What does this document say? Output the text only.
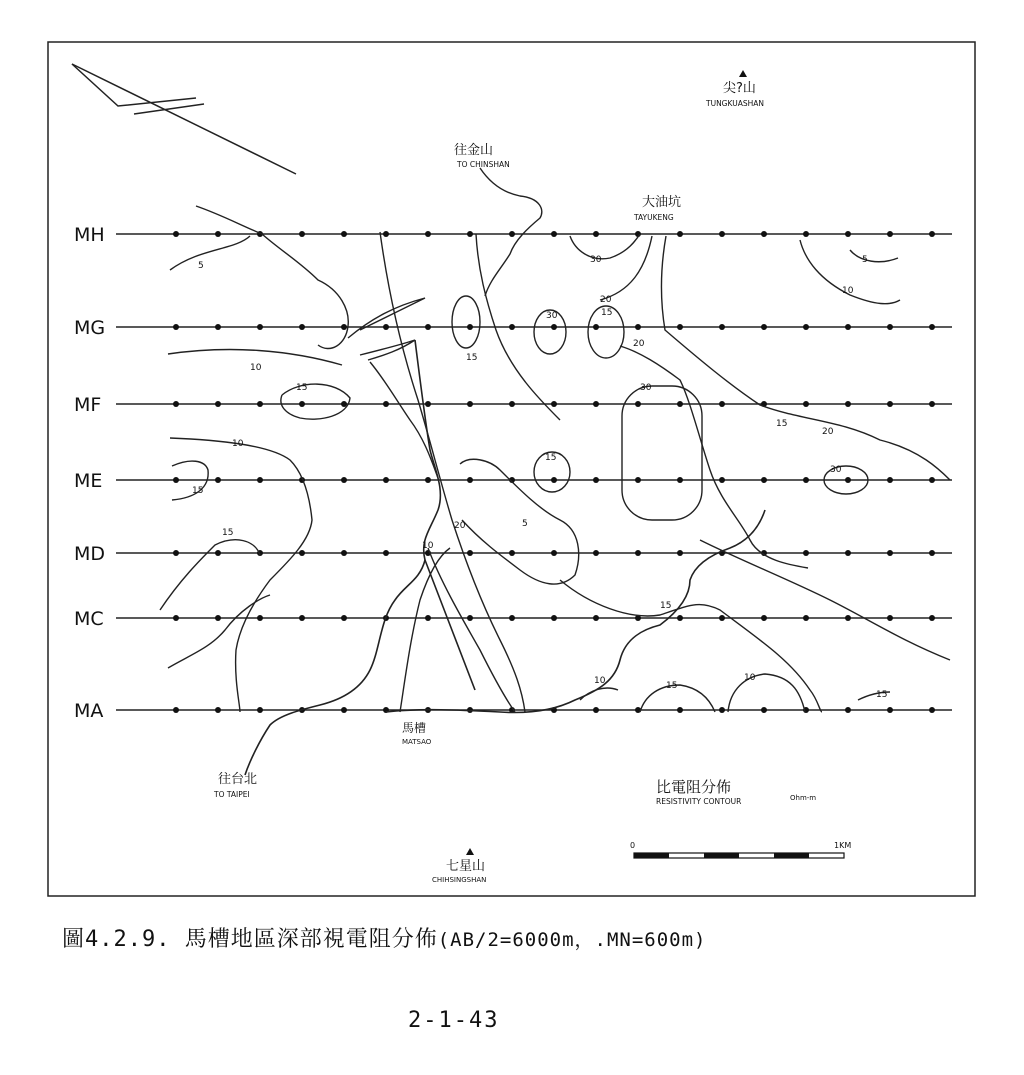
MH
MG
MF
ME
MD
MC
MA
5
30	5
10
30	15
20
15
10
15
20
15
30
15
20
10
30
15
5
20
15
10
15
10	15
10
15
尖?山
TUNGKUASHAN
往金山
TO CHINSHAN
大油坑
TAYUKENG
馬槽
MATSAO
往台北
TO TAIPEI
七星山
CHIHSINGSHAN
比電阻分佈
RESISTIVITY CONTOUR	Ohm-m
0	1KM
圖4.2.9. 馬槽地區深部視電阻分佈(AB/2=6000m，.MN=600m)
2-1-43
